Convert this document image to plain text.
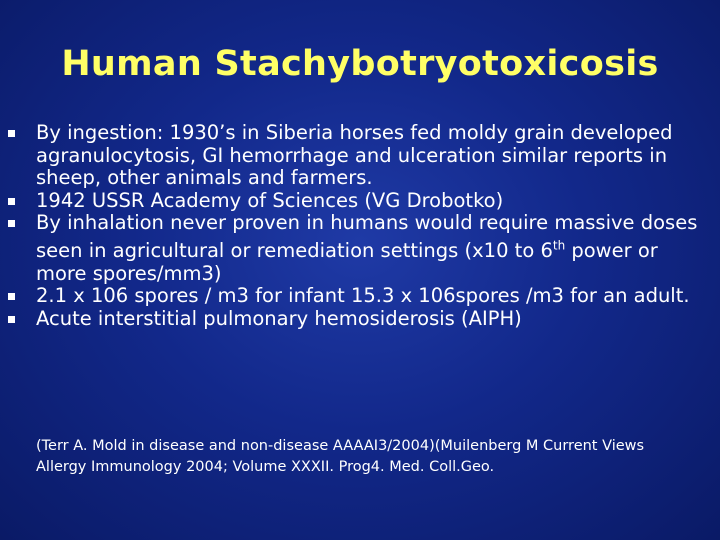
Human Stachybotryotoxicosis
By ingestion: 1930’s in Siberia horses fed moldy grain developed agranulocytosis, GI hemorrhage and ulceration similar reports in sheep, other animals and farmers.
1942 USSR Academy of Sciences (VG Drobotko)
By inhalation never proven in humans would require massive doses seen in agricultural or remediation settings (x10 to 6th power or more spores/mm3)
2.1 x 106 spores / m3 for infant 15.3 x 106spores /m3 for an adult.
Acute interstitial pulmonary hemosiderosis (AIPH)
(Terr A. Mold in disease and non-disease AAAAI3/2004)(Muilenberg M Current Views Allergy Immunology 2004; Volume XXXII. Prog4. Med. Coll.Geo.
